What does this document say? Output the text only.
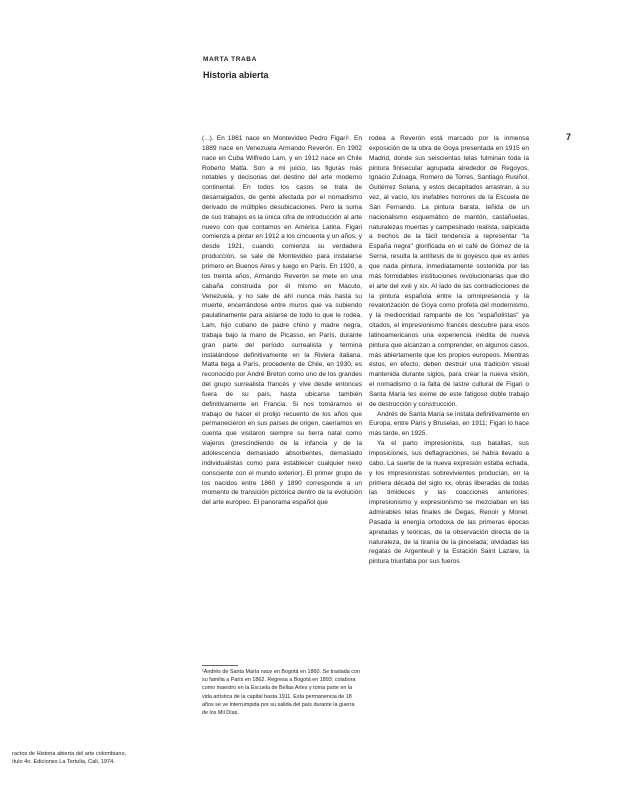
MARTA TRABA
Historia abierta

(...). En 1861 nace en Montevideo Pedro Figari¹. En 1889 nace en Venezuela Armando Reverón. En 1902 nace en Cuba Wilfredo Lam, y en 1912 nace en Chile Roberto Matta. Son a mi juicio, las figuras más notables y decisorias del destino del arte moderno continental. En todos los casos se trata de desarraigados, de gente afectada por el nomadismo derivado de múltiples desubicaciones. Pero la suma de sus trabajos es la única cifra de introducción al arte nuevo con que contamos en América Latina. Figari comienza a pintar en 1912 a los cincuenta y un años, y desde 1921, cuando comienza su verdadera producción, se sale de Montevideo para instalarse primero en Buenos Aires y luego en París. En 1920, a los treinta años, Armando Reverón se mete en una cabaña construida por él mismo en Macuto, Venezuela, y no sale de ahí nunca más hasta su muerte, encerrándose entre muros que va subiendo paulatinamente para aislarse de todo lo que le rodea. Lam, hijo cubano de padre chino y madre negra, trabaja bajo la mano de Picasso, en París, durante gran parte del período surrealista y termina instalándose definitivamente en la Riviera italiana. Matta llega a París, procedente de Chile, en 1930, es reconocido por André Breton como uno de los grandes del grupo surrealista francés y vive desde entonces fuera de su país, hasta ubicarse también definitivamente en Francia. Si nos tomáramos el trabajo de hacer el prolijo recuento de los años que permanecieron en sus países de origen, caeríamos en cuenta que visitaron siempre su tierra natal como viajeros (prescindiendo de la infancia y de la adolescencia demasiado absorbentes, demasiado individualistas como para establecer cualquier nexo consciente con el mundo exterior). El primer grupo de los nacidos entre 1860 y 1890 corresponde a un momento de transición pictórica dentro de la evolución del arte europeo. El panorama español que

rodea a Reverón está marcado por la inmensa exposición de la obra de Goya presentada en 1915 en Madrid, donde sus seiscientas telas fulminan toda la pintura finisecular agrupada alrededor de Regoyos, Ignacio Zuloaga, Romero de Torres, Santiago Rusiñol, Gutiérrez Solana, y estos decapitados arrastran, a su vez, al vacío, los inefables horrores de la Escuela de San Fernando. La pintura barata, teñida de un nacionalismo esquemático de mantón, castañuelas, naturalezas muertas y campesinado realista, salpicada a trechos de la fácil tendencia a representar "la España negra" glorificada en el café de Gómez de la Serna, resulta la antítesis de lo goyesco que es antes que nada pintura, inmediatamente sostenida por las más formidables instituciones revolucionarias que dio el arte del xviii y xix. Al lado de las contradicciones de la pintura española entre la omnipresencia y la revalorización de Goya como profeta del modernismo, y la mediocridad rampante de los "españolistas" ya citados, el impresionismo francés descubre para esos latinoamericanos una experiencia inédita de nueva pintura que alcanzan a comprender, en algunos casos, más abiertamente que los propios europeos. Mientras éstos, en efecto, deben destruir una tradición visual mantenida durante siglos, para crear la nueva visión, el nomadismo o la falta de lastre cultural de Figari o Santa María les exime de este fatigoso doble trabajo de destrucción y construcción.

Andrés de Santa María se instala definitivamente en Europa, entre París y Bruselas, en 1911; Figari lo hace más tarde, en 1925.

Ya el parto impresionista, sus batallas, sus imposiciones, sus deflagraciones, se había llevado a cabo. La suerte de la nueva expresión estaba echada, y los impresionistas sobrevivientes producían, en la primera década del siglo xx, obras liberadas de todas las timideces y las coacciones anteriores; impresionismo y expresionismo se mezclaban en las admirables telas finales de Degas, Renoir y Monet. Pasada la energía ortodoxa de las primeras épocas apretadas y teóricas, de la observación directa de la naturaleza, de la tiranía de la pincelada; olvidadas las regatas de Argenteuil y la Estación Saint Lazare, la pintura triunfaba por sus fueros

7
¹Andrés de Santa María nace en Bogotá en 1860. Se traslada con su familia a París en 1862. Regresa a Bogotá en 1893; colabora como maestro en la Escuela de Bellas Artes y toma parte en la vida artística de la capital hasta 1911. Esta permanencia de 18 años se ve interrumpida por su salida del país durante la guerra de los Mil Días.
ractos de Historia abierta del arte colombiano,
ítulo 4o. Ediciones La Tertulia, Cali, 1974.
